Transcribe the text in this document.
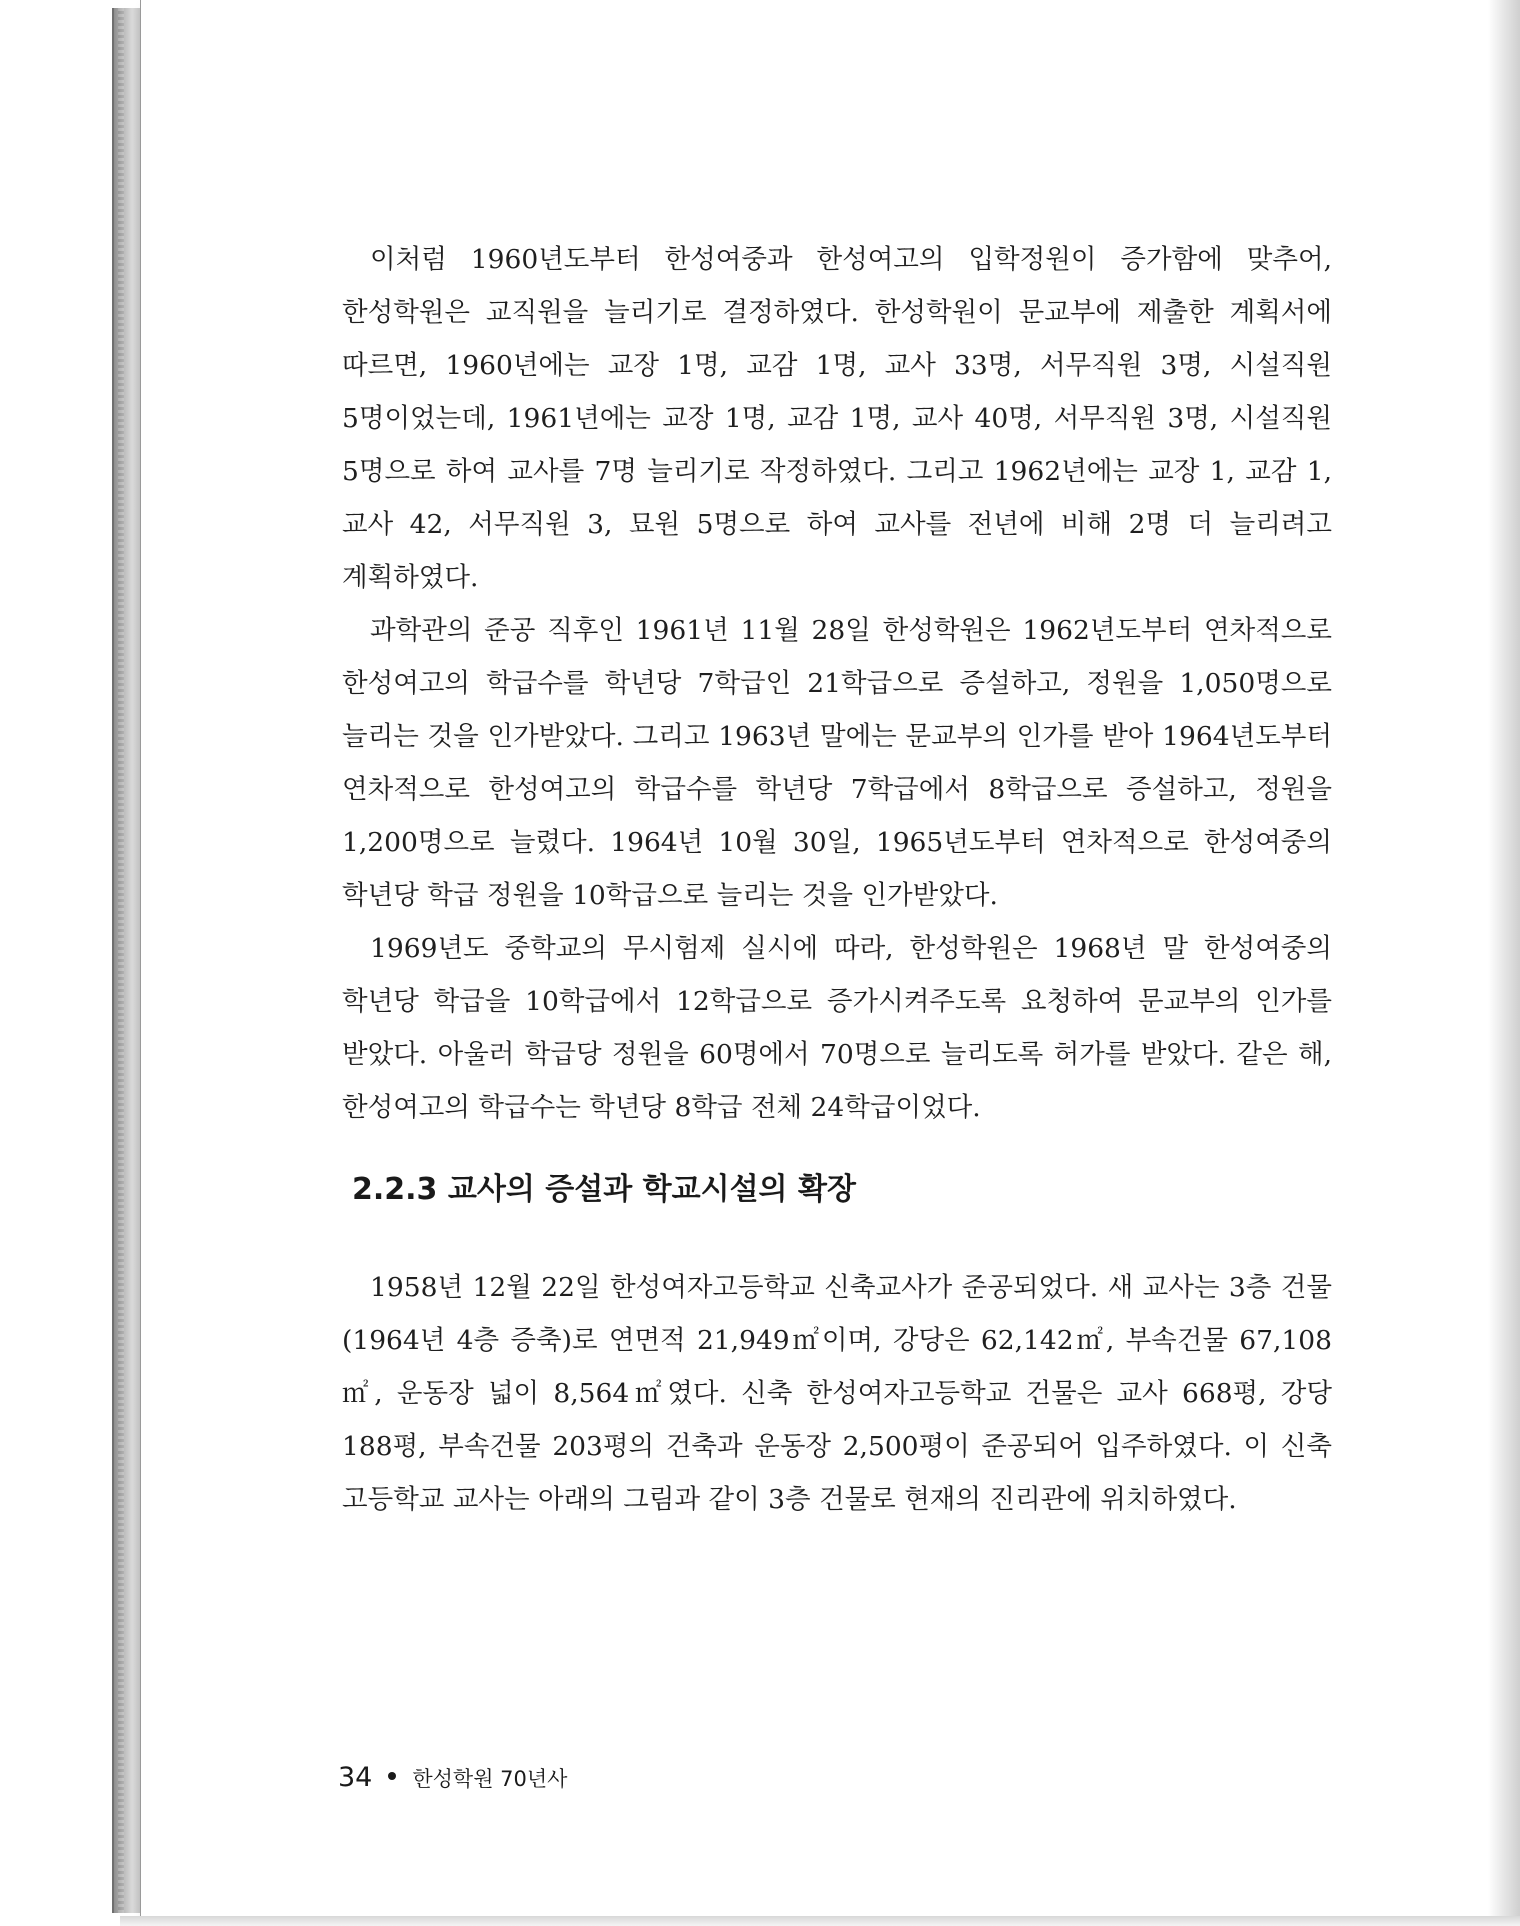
이처럼 1960년도부터 한성여중과 한성여고의 입학정원이 증가함에 맞추어, 한성학원은 교직원을 늘리기로 결정하였다. 한성학원이 문교부에 제출한 계획서에 따르면, 1960년에는 교장 1명, 교감 1명, 교사 33명, 서무직원 3명, 시설직원 5명이었는데, 1961년에는 교장 1명, 교감 1명, 교사 40명, 서무직원 3명, 시설직원 5명으로 하여 교사를 7명 늘리기로 작정하였다. 그리고 1962년에는 교장 1, 교감 1, 교사 42, 서무직원 3, 묘원 5명으로 하여 교사를 전년에 비해 2명 더 늘리려고 계획하였다.

과학관의 준공 직후인 1961년 11월 28일 한성학원은 1962년도부터 연차적으로 한성여고의 학급수를 학년당 7학급인 21학급으로 증설하고, 정원을 1,050명으로 늘리는 것을 인가받았다. 그리고 1963년 말에는 문교부의 인가를 받아 1964년도부터 연차적으로 한성여고의 학급수를 학년당 7학급에서 8학급으로 증설하고, 정원을 1,200명으로 늘렸다. 1964년 10월 30일, 1965년도부터 연차적으로 한성여중의 학년당 학급 정원을 10학급으로 늘리는 것을 인가받았다.

1969년도 중학교의 무시험제 실시에 따라, 한성학원은 1968년 말 한성여중의 학년당 학급을 10학급에서 12학급으로 증가시켜주도록 요청하여 문교부의 인가를 받았다. 아울러 학급당 정원을 60명에서 70명으로 늘리도록 허가를 받았다. 같은 해, 한성여고의 학급수는 학년당 8학급 전체 24학급이었다.

2.2.3 교사의 증설과 학교시설의 확장

1958년 12월 22일 한성여자고등학교 신축교사가 준공되었다. 새 교사는 3층 건물(1964년 4층 증축)로 연면적 21,949㎡이며, 강당은 62,142㎡, 부속건물 67,108㎡, 운동장 넓이 8,564㎡였다. 신축 한성여자고등학교 건물은 교사 668평, 강당 188평, 부속건물 203평의 건축과 운동장 2,500평이 준공되어 입주하였다. 이 신축 고등학교 교사는 아래의 그림과 같이 3층 건물로 현재의 진리관에 위치하였다.

34 한성학원 70년사
